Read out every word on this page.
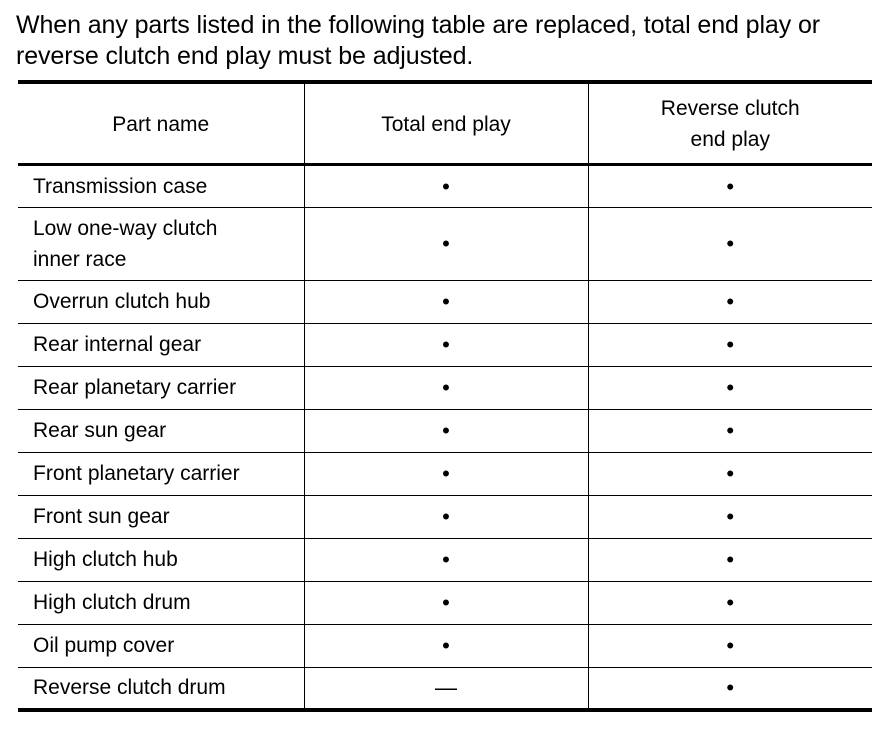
When any parts listed in the following table are replaced, total end play or reverse clutch end play must be adjusted.
Part name	Total end play	Reverse clutch end play
Transmission case	•	•
Low one-way clutch inner race	•	•
Overrun clutch hub	•	•
Rear internal gear	•	•
Rear planetary carrier	•	•
Rear sun gear	•	•
Front planetary carrier	•	•
Front sun gear	•	•
High clutch hub	•	•
High clutch drum	•	•
Oil pump cover	•	•
Reverse clutch drum	—	•
